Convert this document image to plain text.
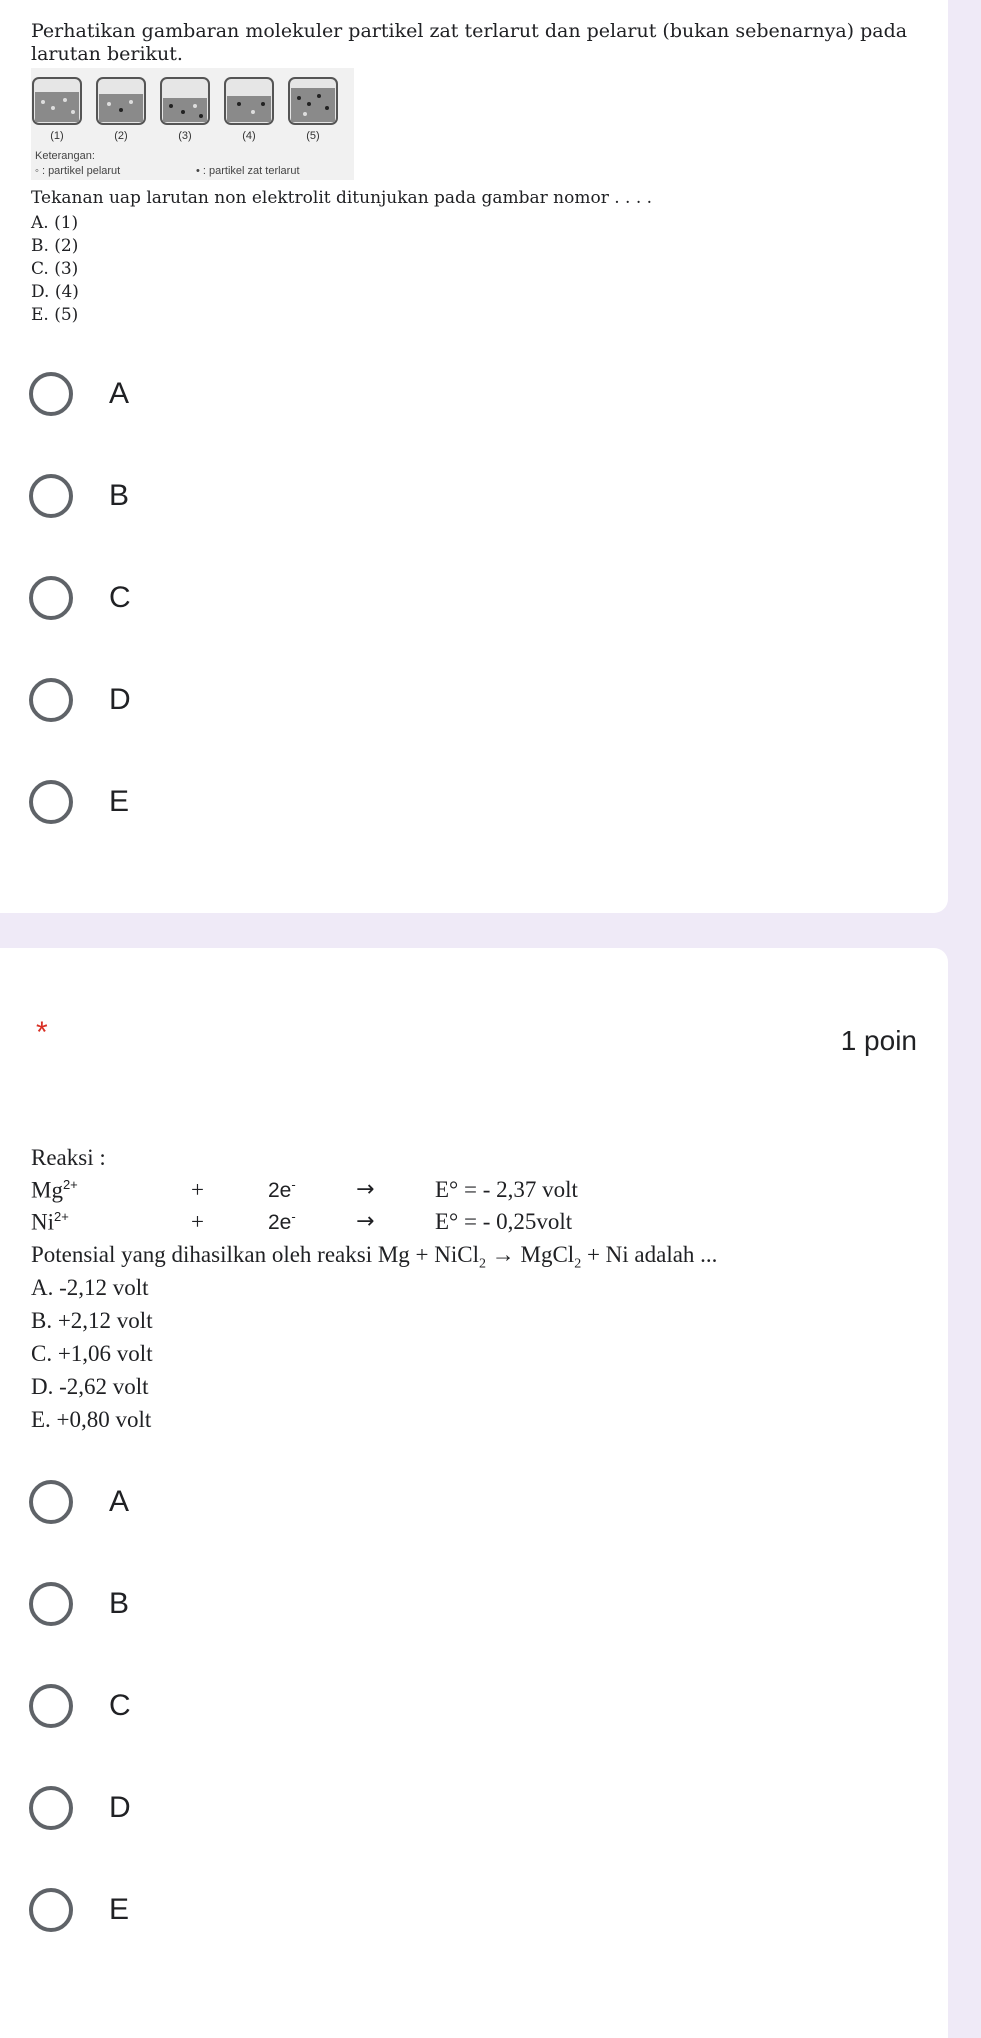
Perhatikan gambaran molekuler partikel zat terlarut dan pelarut (bukan sebenarnya) pada larutan berikut.
(1)	(2)	(3)	(4)	(5)
Keterangan:
◦ : partikel pelarut	• : partikel zat terlarut
Tekanan uap larutan non elektrolit ditunjukan pada gambar nomor . . . .
A. (1)
B. (2)
C. (3)
D. (4)
E. (5)
A
B
C
D
E
*	1 poin
Reaksi :
$Mg^{2+}$	+	2e-	→	E° = - 2,37 volt
$Ni^{2+}$	+	2e-	→	E° = - 0,25volt
Potensial yang dihasilkan oleh reaksi Mg + NiCl$_2$ → MgCl$_2$ + Ni adalah ...
A. -2,12 volt
B. +2,12 volt
C. +1,06 volt
D. -2,62 volt
E. +0,80 volt
A
B
C
D
E
